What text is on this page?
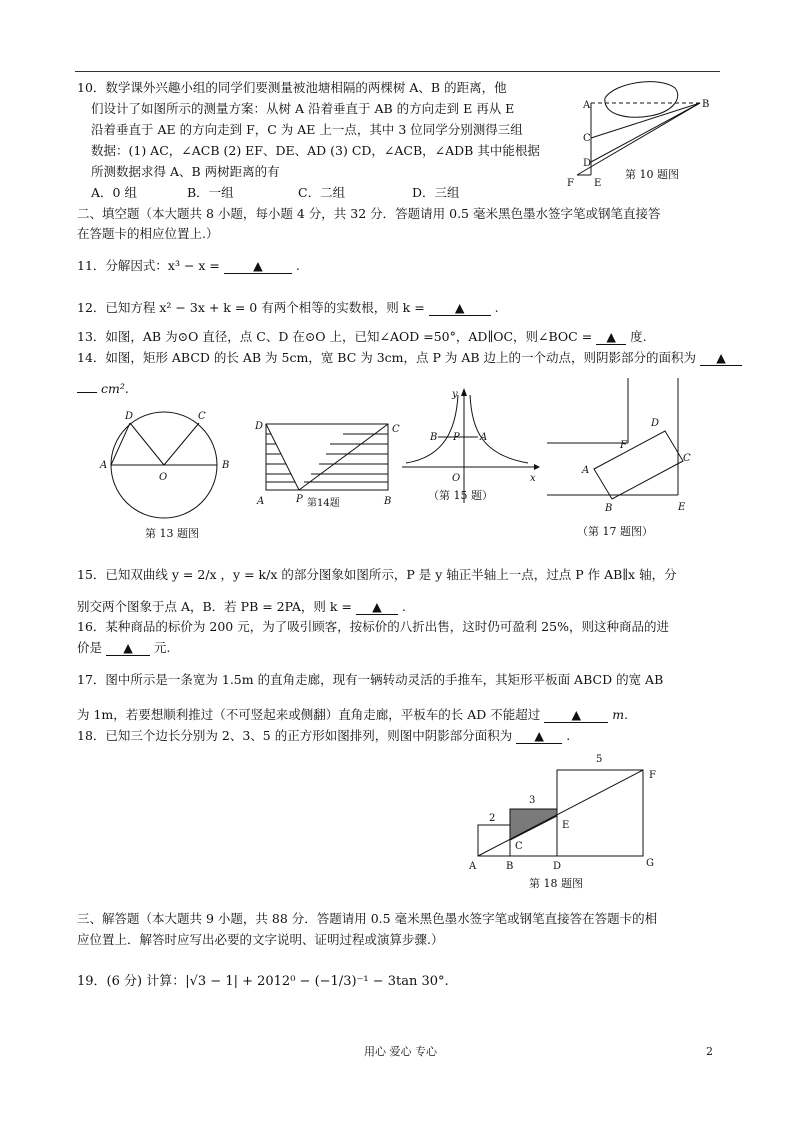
10．数学课外兴趣小组的同学们要测量被池塘相隔的两棵树 A、B 的距离，他
们设计了如图所示的测量方案：从树 A 沿着垂直于 AB 的方向走到 E 再从 E
沿着垂直于 AE 的方向走到 F，C 为 AE 上一点，其中 3 位同学分别测得三组
数据：(1) AC，∠ACB (2) EF、DE、AD (3) CD，∠ACB，∠ADB 其中能根据
所测数据求得 A、B 两树距离的有
A．0 组	B．一组	C．二组	D．三组
A	B
C
D
E
F
第 10 题图
二、填空题（本大题共 8 小题，每小题 4 分，共 32 分．答题请用 0.5 毫米黑色墨水签字笔或钢笔直接答
在答题卡的相应位置上.）
11．分解因式：x³ − x =	▲	.
12．已知方程 x² − 3x + k = 0 有两个相等的实数根，则 k = ▲ .
13．如图，AB 为⊙O 直径，点 C、D 在⊙O 上，已知∠AOD =50°，AD∥OC，则∠BOC = ▲ 度.
14．如图，矩形 ABCD 的长 AB 为 5cm，宽 BC 为 3cm，点 P 为 AB 边上的一个动点，则阴影部分的面积为 ▲
cm².
A	B
C
D
O
第 13 题图
D	C
A	B
P 第14题
y
x
O
B P A
（第 15 题）
F
D
C
A
B	E
（第 17 题图）
15．已知双曲线 y = 2/x ，y = k/x 的部分图象如图所示，P 是 y 轴正半轴上一点，过点 P 作 AB∥x 轴，分
别交两个图象于点 A，B．若 PB = 2PA，则 k = ▲ .
16．某种商品的标价为 200 元，为了吸引顾客，按标价的八折出售，这时仍可盈利 25%，则这种商品的进
价是 ▲ 元.
17．图中所示是一条宽为 1.5m 的直角走廊，现有一辆转动灵活的手推车，其矩形平板面 ABCD 的宽 AB
为 1m，若要想顺利推过（不可竖起来或侧翻）直角走廊，平板车的长 AD 不能超过 ▲ m.
18．已知三个边长分别为 2、3、5 的正方形如图排列，则图中阴影部分面积为 ▲ .
5
3
2
F
E
C
A	B	D	G
第 18 题图
三、解答题（本大题共 9 小题，共 88 分．答题请用 0.5 毫米黑色墨水签字笔或钢笔直接答在答题卡的相
应位置上．解答时应写出必要的文字说明、证明过程或演算步骤.）
19．(6 分) 计算：|√3 − 1| + 2012⁰ − (−1/3)⁻¹ − 3tan 30°.
用心 爱心 专心	2
